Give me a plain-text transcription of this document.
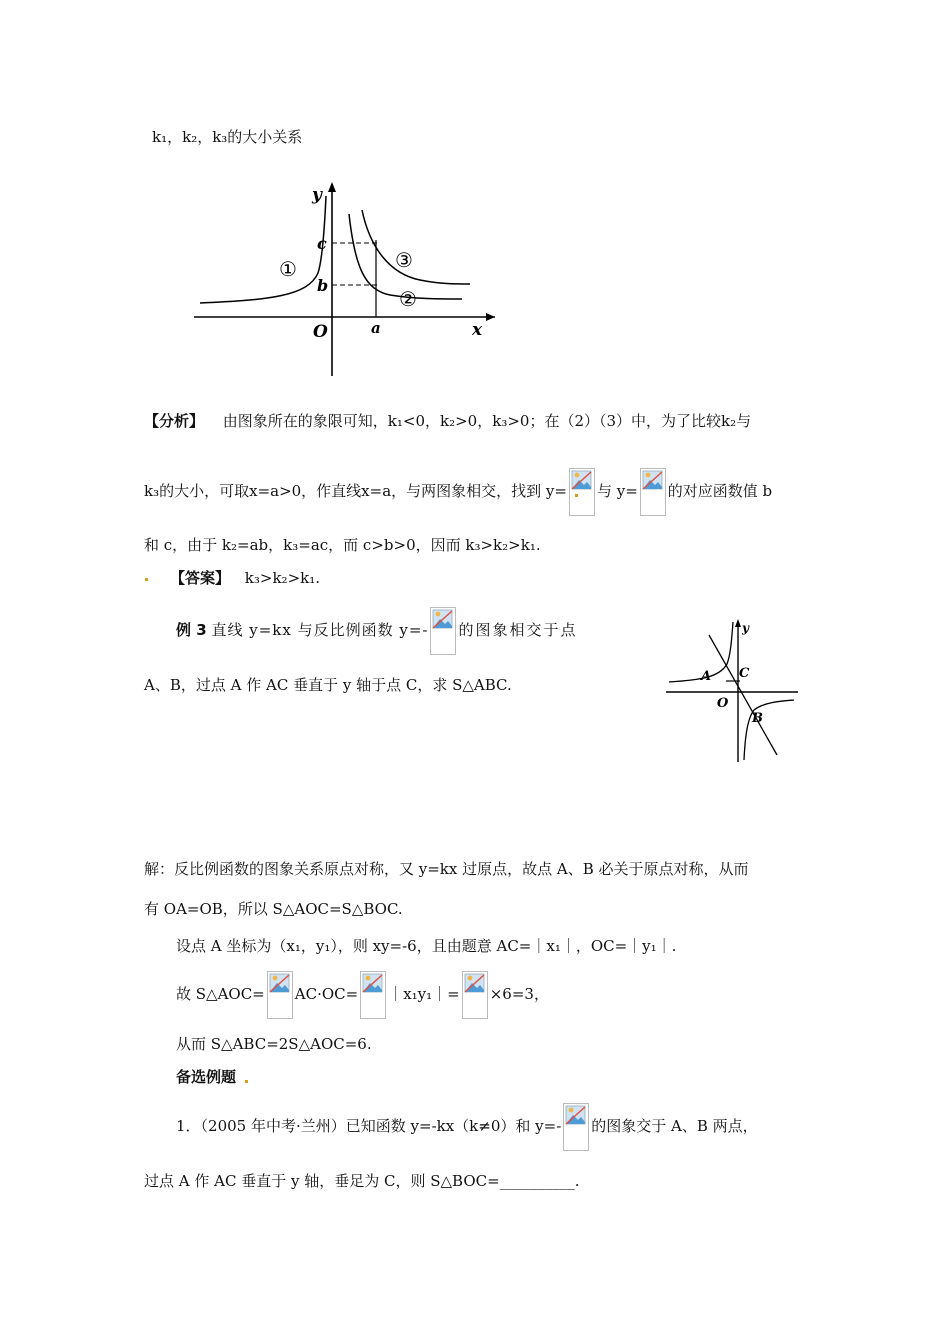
k₁，k₂，k₃的大小关系
y
x
O	a
b
c
①
②
③
【分析】 由图象所在的象限可知，k₁<0，k₂>0，k₃>0；在（2）（3）中，为了比较k₂与
k₃的大小，可取x=a>0，作直线x=a，与两图象相交，找到 y= 与 y= 的对应函数值 b
和 c，由于 k₂=ab，k₃=ac，而 c>b>0，因而 k₃>k₂>k₁.
【答案】 k₃>k₂>k₁.
例 3 直线 y=kx 与反比例函数 y=- 的图象相交于点
A、B，过点 A 作 AC 垂直于 y 轴于点 C，求 S△ABC.
y
A C
O
B
解：反比例函数的图象关系原点对称，又 y=kx 过原点，故点 A、B 必关于原点对称，从而
有 OA=OB，所以 S△AOC=S△BOC.
设点 A 坐标为（x₁，y₁），则 xy=-6，且由题意 AC=｜x₁｜，OC=｜y₁｜.
故 S△AOC= AC·OC= ｜x₁y₁｜= ×6=3，
从而 S△ABC=2S△AOC=6.
备选例题
1．（2005 年中考·兰州）已知函数 y=-kx（k≠0）和 y=- 的图象交于 A、B 两点，
过点 A 作 AC 垂直于 y 轴，垂足为 C，则 S△BOC=__________.
